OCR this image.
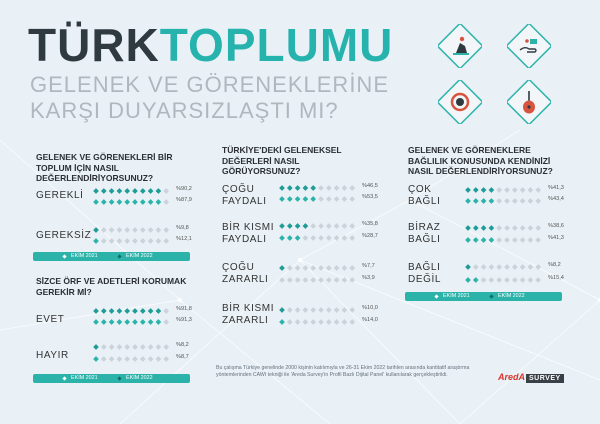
TÜRKTOPLUMU
GELENEK VE GÖRENEKLERİNE
KARŞI DUYARSIZLAŞTI MI?
GELENEK VE GÖRENEKLERİ BİR
TOPLUM İÇİN NASIL
DEĞERLENDİRİYORSUNUZ?
GEREKLİ
%90,2
%87,9
GEREKSİZ
%9,8
%12,1
EKİM 2021	EKİM 2022
SİZCE ÖRF VE ADETLERİ KORUMAK
GEREKİR Mİ?
EVET
%91,8
%91,3
HAYIR
%8,2
%8,7
EKİM 2021	EKİM 2022
TÜRKİYE'DEKİ GELENEKSEL
DEĞERLERİ NASIL
GÖRÜYORSUNUZ?
ÇOĞU
FAYDALI
%46,5
%53,5
BİR KISMI
FAYDALI
%35,8
%28,7
ÇOĞU
ZARARLI
%7,7
%3,9
BİR KISMI
ZARARLI
%10,0
%14,0
GELENEK VE GÖRENEKLERE
BAĞLILIK KONUSUNDA KENDİNİZİ
NASIL DEĞERLENDİRİYORSUNUZ?
ÇOK
BAĞLI
%41,3
%43,4
BİRAZ
BAĞLI
%38,6
%41,3
BAĞLI
DEĞİL
%8,2
%15,4
EKİM 2021	EKİM 2022
Bu çalışma Türkiye genelinde 2000 kişinin katılımıyla ve 26-31 Ekim 2022 tarihleri arasında kantitatif araştırma yöntemlerinden CAWI tekniği ile 'Areda Survey'in Profil Bazlı Dijital Panel' kullanılarak gerçekleştirildi.	AredA SURVEY
